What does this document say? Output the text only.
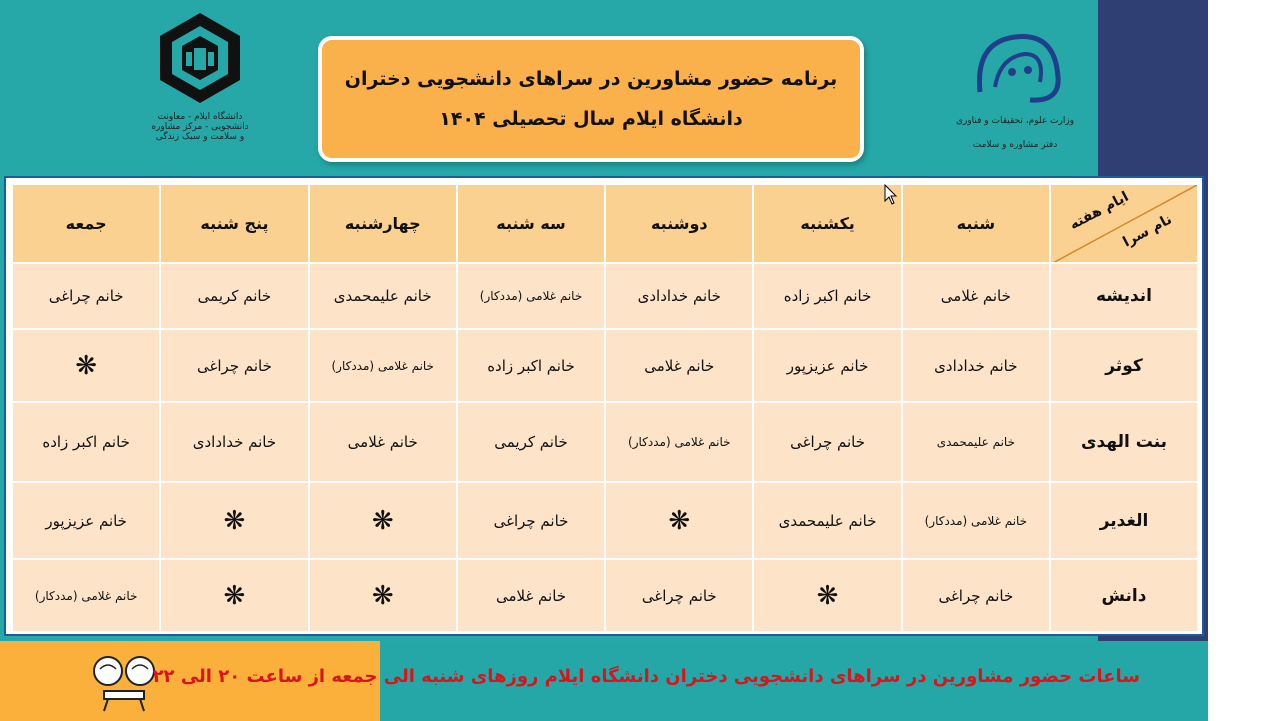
دانشگاه ایلام - معاونت دانشجویی - مرکز مشاوره و سلامت و سبک زندگی
برنامه حضور مشاورین در سراهای دانشجویی دختران
دانشگاه ایلام سال تحصیلی ۱۴۰۴	وزارت علوم، تحقیقات و فناوری
دفتر مشاوره و سلامت
ایام هفته
نام سرا	شنبه	یکشنبه	دوشنبه	سه شنبه	چهارشنبه	پنج شنبه	جمعه
اندیشه	خانم غلامی	خانم اکبر زاده	خانم خدادادی	خانم غلامی (مددکار)	خانم علیمحمدی	خانم کریمی	خانم چراغی
کوثر	خانم خدادادی	خانم عزیزپور	خانم غلامی	خانم اکبر زاده	خانم غلامی (مددکار)	خانم چراغی	❋
بنت الهدی	خانم علیمحمدی	خانم چراغی	خانم غلامی (مددکار)	خانم کریمی	خانم غلامی	خانم خدادادی	خانم اکبر زاده
الغدیر	خانم غلامی (مددکار)	خانم علیمحمدی	❋	خانم چراغی	❋	❋	خانم عزیزپور
دانش	خانم چراغی	❋	خانم چراغی	خانم غلامی	❋	❋	خانم غلامی (مددکار)
ساعات حضور مشاورین در سراهای دانشجویی دختران دانشگاه ایلام روزهای شنبه الی جمعه از ساعت ۲۰ الی ۲۲
